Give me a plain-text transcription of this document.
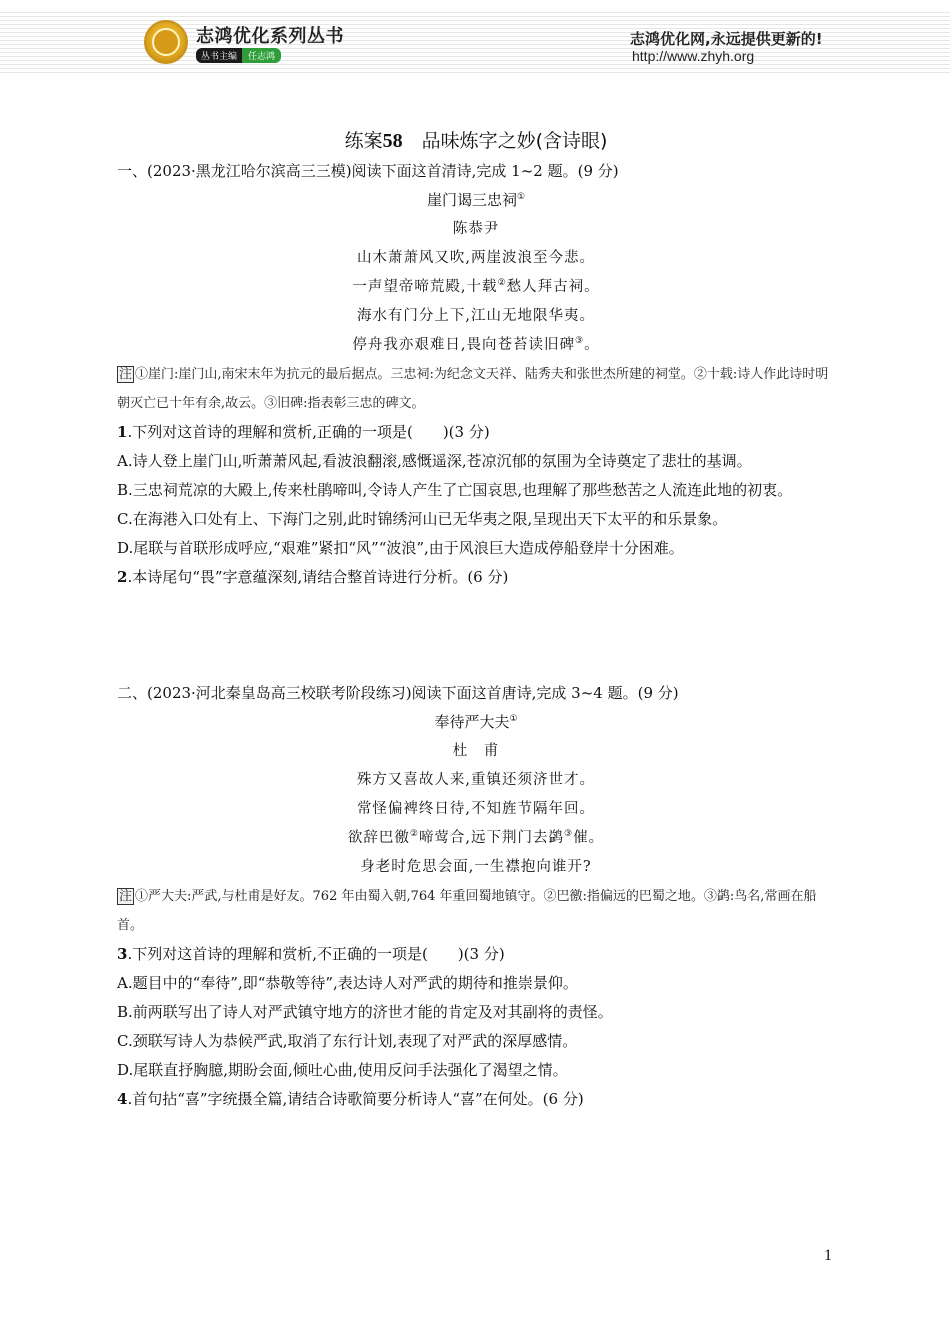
志鸿优化系列丛书
丛书主编 任志鸿
志鸿优化网,永远提供更新的!
http://www.zhyh.org
练案58　 品味炼字之妙(含诗眼)

一、(2023·黑龙江哈尔滨高三三模)阅读下面这首清诗,完成 1~2 题。(9 分)

崖门谒三忠祠①

陈恭尹

山木萧萧风又吹,两崖波浪至今悲。

一声望帝啼荒殿,十载②愁人拜古祠。

海水有门分上下,江山无地限华夷。

停舟我亦艰难日,畏向苍苔读旧碑③。

注 ①崖门:崖门山,南宋末年为抗元的最后据点。三忠祠:为纪念文天祥、陆秀夫和张世杰所建的祠堂。②十载:诗人作此诗时明朝灭亡已十年有余,故云。③旧碑:指表彰三忠的碑文。

1.下列对这首诗的理解和赏析,正确的一项是(　　)(3 分)

A.诗人登上崖门山,听萧萧风起,看波浪翻滚,感慨遥深,苍凉沉郁的氛围为全诗奠定了悲壮的基调。

B.三忠祠荒凉的大殿上,传来杜鹃啼叫,令诗人产生了亡国哀思,也理解了那些愁苦之人流连此地的初衷。

C.在海港入口处有上、下海门之别,此时锦绣河山已无华夷之限,呈现出天下太平的和乐景象。

D.尾联与首联形成呼应,“艰难”紧扣“风”“波浪”,由于风浪巨大造成停船登岸十分困难。

2.本诗尾句“畏”字意蕴深刻,请结合整首诗进行分析。(6 分)

二、(2023·河北秦皇岛高三校联考阶段练习)阅读下面这首唐诗,完成 3~4 题。(9 分)

奉待严大夫①

杜　甫

殊方又喜故人来,重镇还须济世才。

常怪偏裨终日待,不知旌节隔年回。

欲辞巴徼②啼莺合,远下荆门去鹢③催。

身老时危思会面,一生襟抱向谁开?

注 ①严大夫:严武,与杜甫是好友。762 年由蜀入朝,764 年重回蜀地镇守。②巴徼:指偏远的巴蜀之地。③鹢:鸟名,常画在船首。

3.下列对这首诗的理解和赏析,不正确的一项是(　　)(3 分)

A.题目中的“奉待”,即“恭敬等待”,表达诗人对严武的期待和推崇景仰。

B.前两联写出了诗人对严武镇守地方的济世才能的肯定及对其副将的责怪。

C.颈联写诗人为恭候严武,取消了东行计划,表现了对严武的深厚感情。

D.尾联直抒胸臆,期盼会面,倾吐心曲,使用反问手法强化了渴望之情。

4.首句拈“喜”字统摄全篇,请结合诗歌简要分析诗人“喜”在何处。(6 分)

1
